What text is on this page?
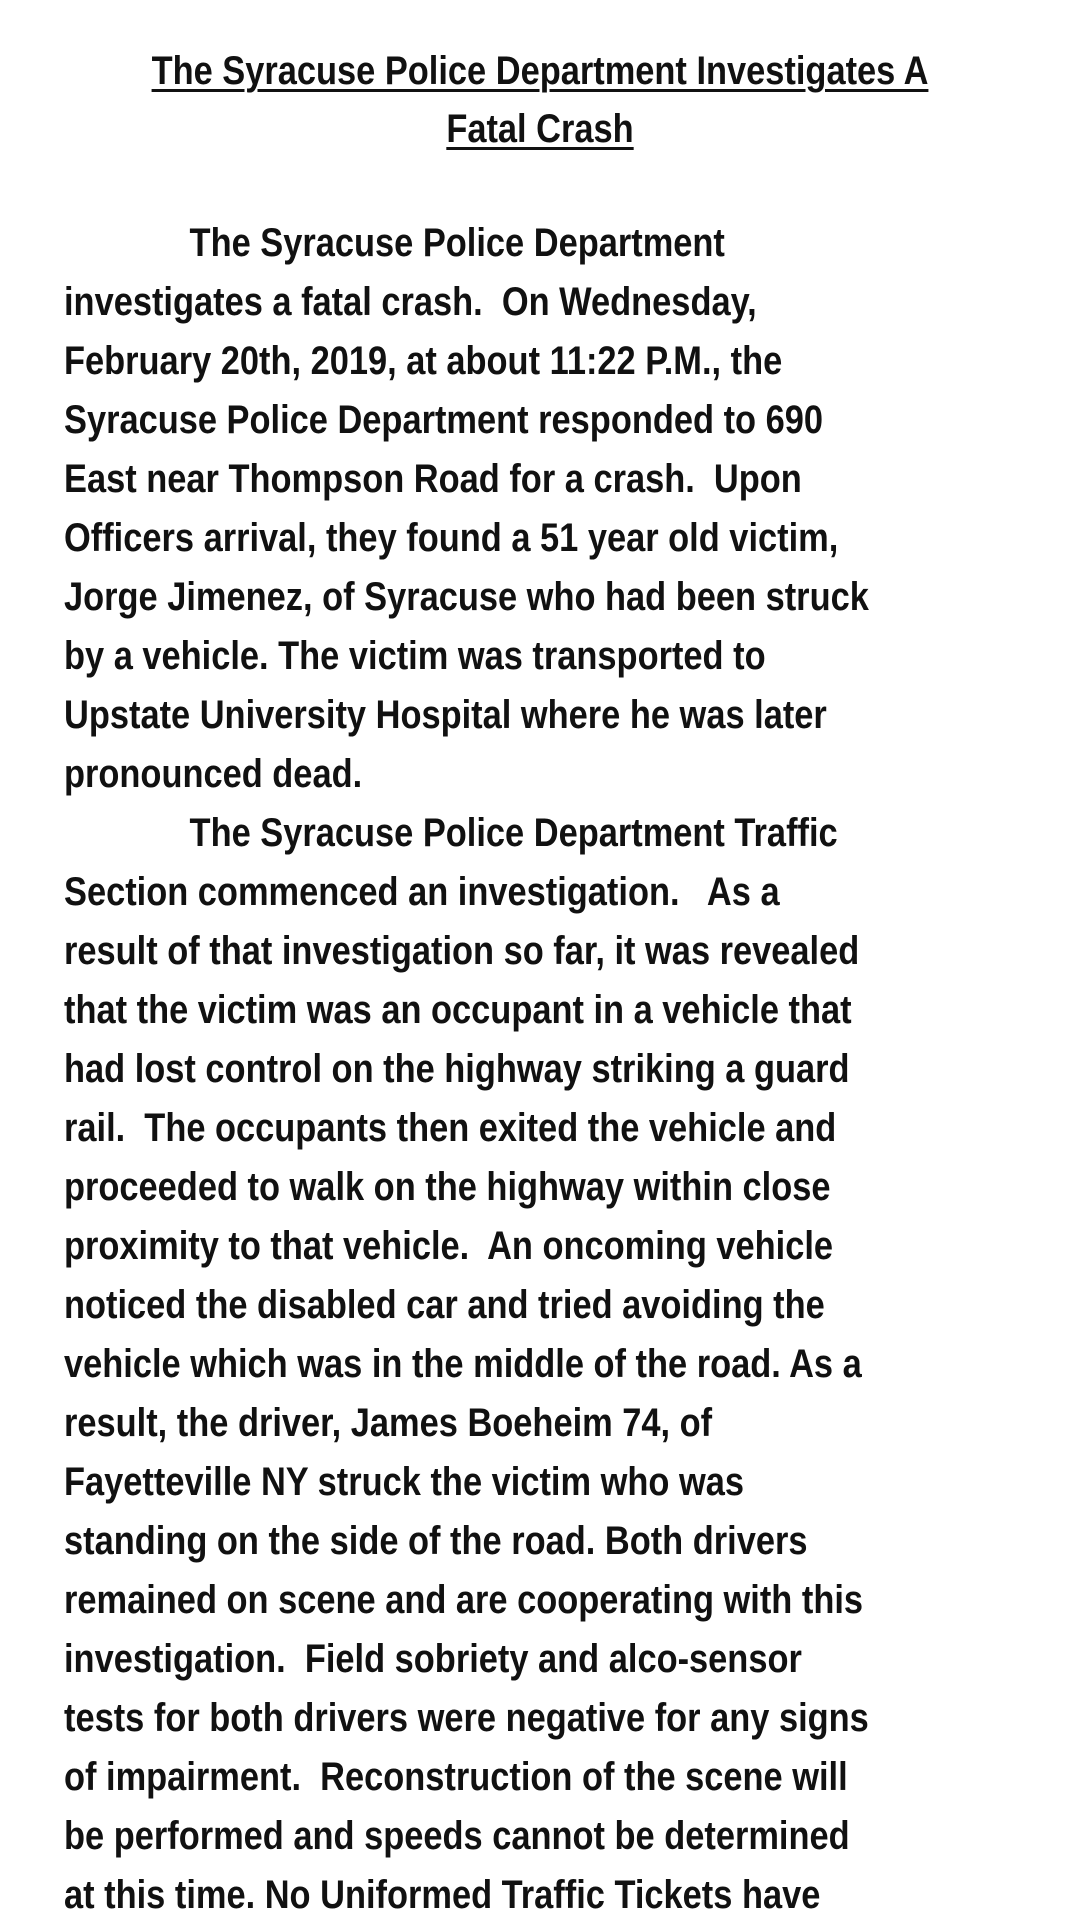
The Syracuse Police Department Investigates A
Fatal Crash
The Syracuse Police Department
investigates a fatal crash.  On Wednesday,
February 20th, 2019, at about 11:22 P.M., the
Syracuse Police Department responded to 690
East near Thompson Road for a crash.  Upon
Officers arrival, they found a 51 year old victim,
Jorge Jimenez, of Syracuse who had been struck
by a vehicle. The victim was transported to
Upstate University Hospital where he was later
pronounced dead.
The Syracuse Police Department Traffic
Section commenced an investigation.   As a
result of that investigation so far, it was revealed
that the victim was an occupant in a vehicle that
had lost control on the highway striking a guard
rail.  The occupants then exited the vehicle and
proceeded to walk on the highway within close
proximity to that vehicle.  An oncoming vehicle
noticed the disabled car and tried avoiding the
vehicle which was in the middle of the road. As a
result, the driver, James Boeheim 74, of
Fayetteville NY struck the victim who was
standing on the side of the road. Both drivers
remained on scene and are cooperating with this
investigation.  Field sobriety and alco-sensor
tests for both drivers were negative for any signs
of impairment.  Reconstruction of the scene will
be performed and speeds cannot be determined
at this time. No Uniformed Traffic Tickets have
